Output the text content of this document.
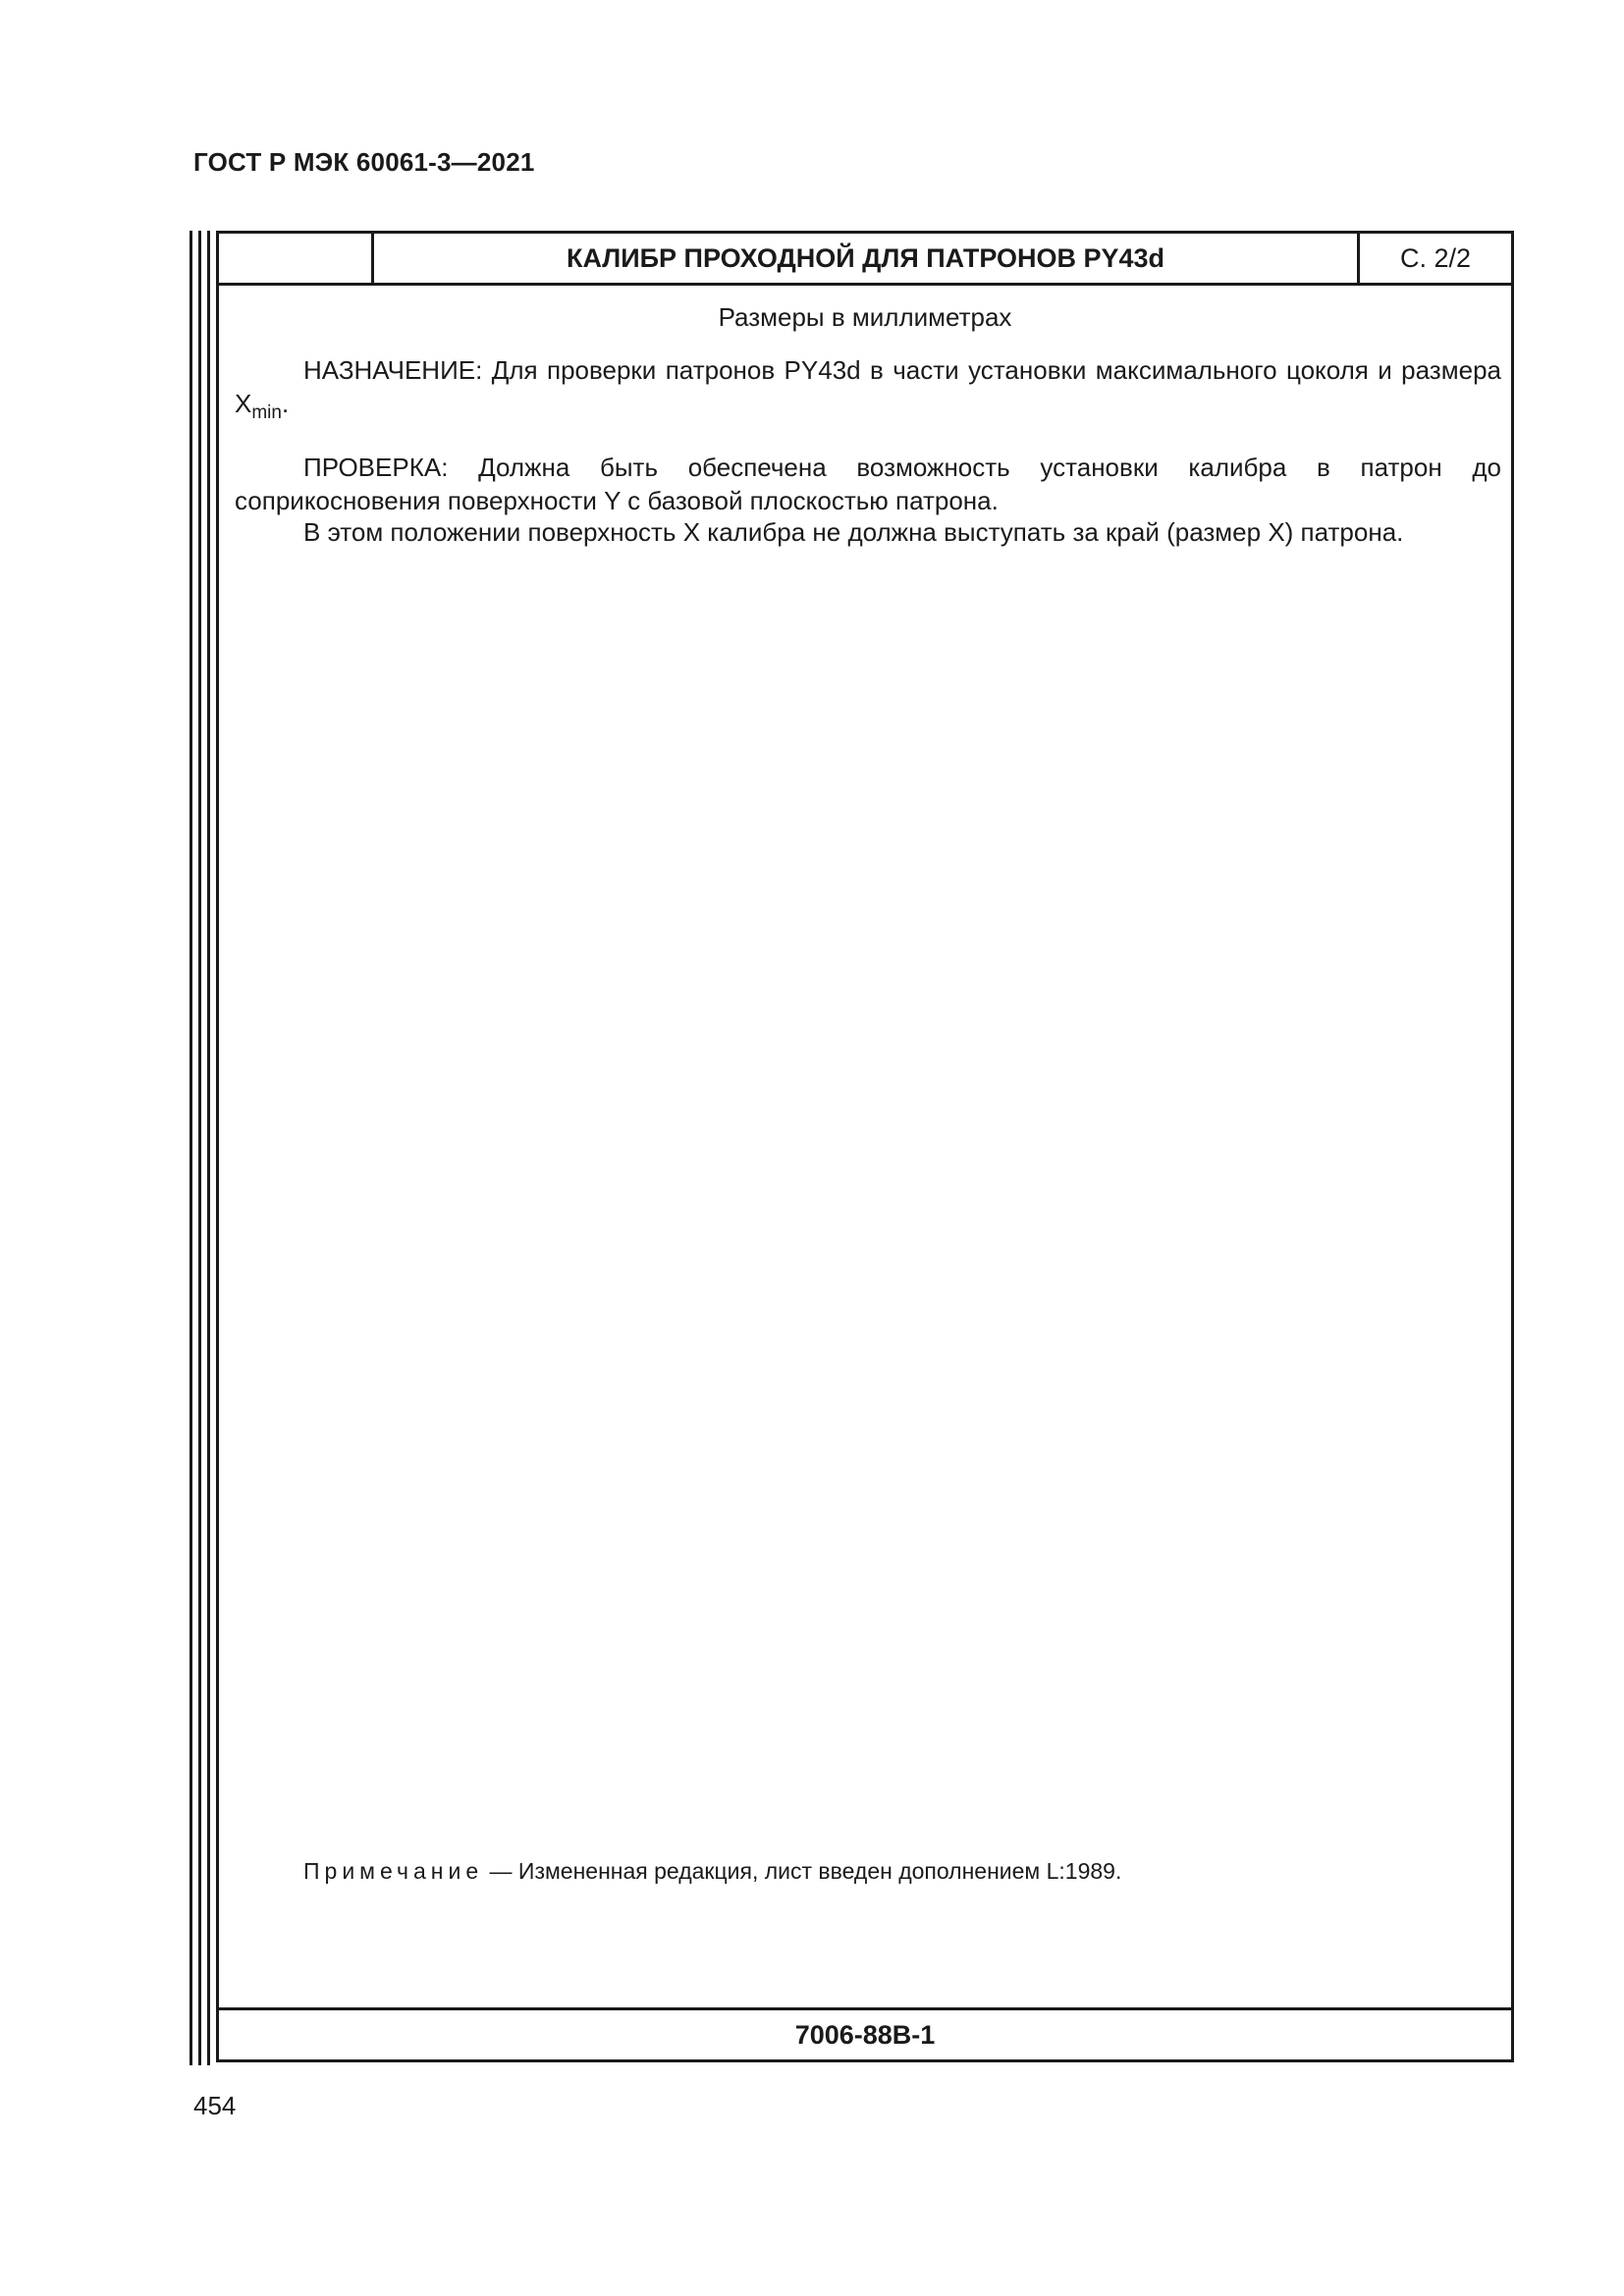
ГОСТ Р МЭК 60061-3—2021
КАЛИБР ПРОХОДНОЙ ДЛЯ ПАТРОНОВ PY43d	С. 2/2
Размеры в миллиметрах
НАЗНАЧЕНИЕ: Для проверки патронов PY43d в части установки максимального цоколя и размера $X_{min}$.
ПРОВЕРКА: Должна быть обеспечена возможность установки калибра в патрон до соприкосновения поверхности Y с базовой плоскостью патрона.
В этом положении поверхность X калибра не должна выступать за край (размер X) патрона.
Примечание — Измененная редакция, лист введен дополнением L:1989.
7006-88B-1
454
